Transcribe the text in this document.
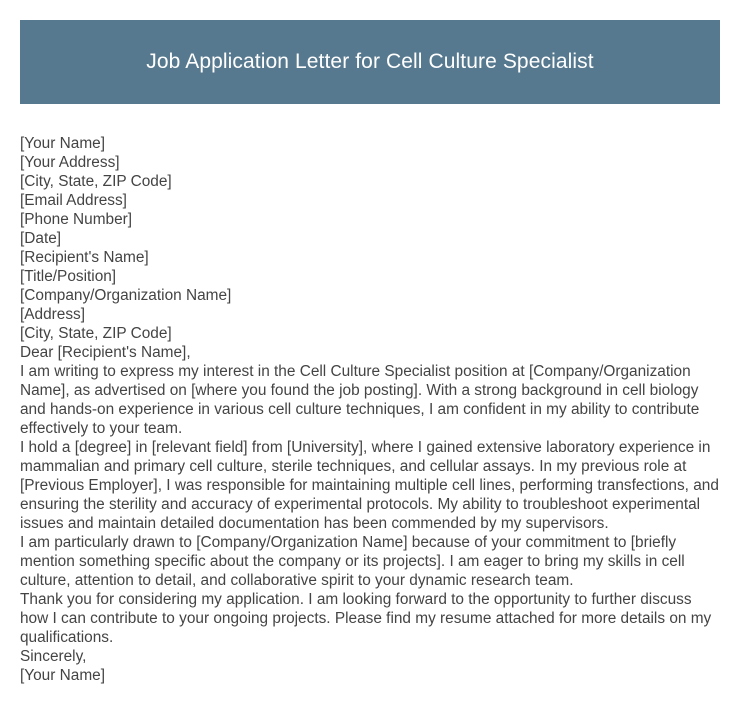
Job Application Letter for Cell Culture Specialist
[Your Name]
[Your Address]
[City, State, ZIP Code]
[Email Address]
[Phone Number]
[Date]
[Recipient's Name]
[Title/Position]
[Company/Organization Name]
[Address]
[City, State, ZIP Code]

Dear [Recipient's Name],

I am writing to express my interest in the Cell Culture Specialist position at [Company/Organization Name], as advertised on [where you found the job posting]. With a strong background in cell biology and hands-on experience in various cell culture techniques, I am confident in my ability to contribute effectively to your team.

I hold a [degree] in [relevant field] from [University], where I gained extensive laboratory experience in mammalian and primary cell culture, sterile techniques, and cellular assays. In my previous role at [Previous Employer], I was responsible for maintaining multiple cell lines, performing transfections, and ensuring the sterility and accuracy of experimental protocols. My ability to troubleshoot experimental issues and maintain detailed documentation has been commended by my supervisors.

I am particularly drawn to [Company/Organization Name] because of your commitment to [briefly mention something specific about the company or its projects]. I am eager to bring my skills in cell culture, attention to detail, and collaborative spirit to your dynamic research team.

Thank you for considering my application. I am looking forward to the opportunity to further discuss how I can contribute to your ongoing projects. Please find my resume attached for more details on my qualifications.

Sincerely,

[Your Name]
